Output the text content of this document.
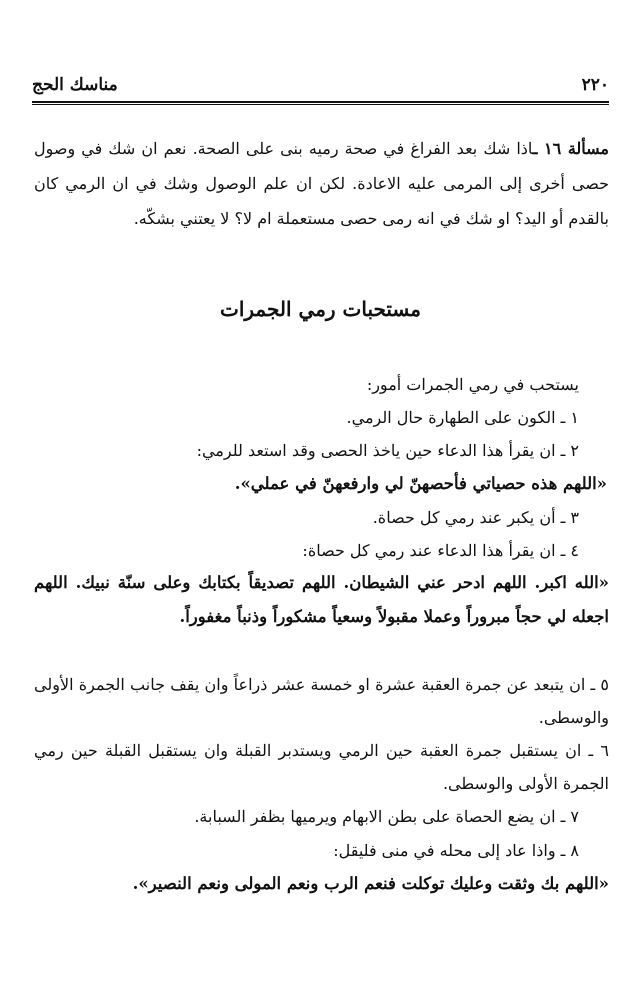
٢٢٠
مناسك الحج
مسألة ١٦ ـاذا شك بعد الفراغ في صحة رميه بنى على الصحة. نعم ان شك في وصول حصى أخرى إلى المرمى عليه الاعادة. لكن ان علم الوصول وشك في ان الرمي كان بالقدم أو اليد؟ او شك في انه رمى حصى مستعملة ام لا؟ لا يعتني بشكّه.
مستحبات رمي الجمرات
يستحب في رمي الجمرات أمور:
١ ـ الكون على الطهارة حال الرمي.
٢ ـ ان يقرأ هذا الدعاء حين ياخذ الحصى وقد استعد للرمي:
«اللهم هذه حصياتي فأحصهنّ لي وارفعهنّ في عملي».
٣ ـ أن يكبر عند رمي كل حصاة.
٤ ـ ان يقرأ هذا الدعاء عند رمي كل حصاة:
«الله اكبر. اللهم ادحر عني الشيطان. اللهم تصديقاً بكتابك وعلى سنّة نبيك. اللهم اجعله لي حجاً مبروراً وعملا مقبولاً وسعياً مشكوراً وذنباً مغفوراً.
٥ ـ ان يتبعد عن جمرة العقبة عشرة او خمسة عشر ذراعاً وان يقف جانب الجمرة الأولى والوسطى.
٦ ـ ان يستقبل جمرة العقبة حين الرمي ويستدبر القبلة وان يستقبل القبلة حين رمي الجمرة الأولى والوسطى.
٧ ـ ان يضع الحصاة على بطن الابهام ويرميها بظفر السبابة.
٨ ـ واذا عاد إلى محله في منى فليقل:
«اللهم بك وثقت وعليك توكلت فنعم الرب ونعم المولى ونعم النصير».
